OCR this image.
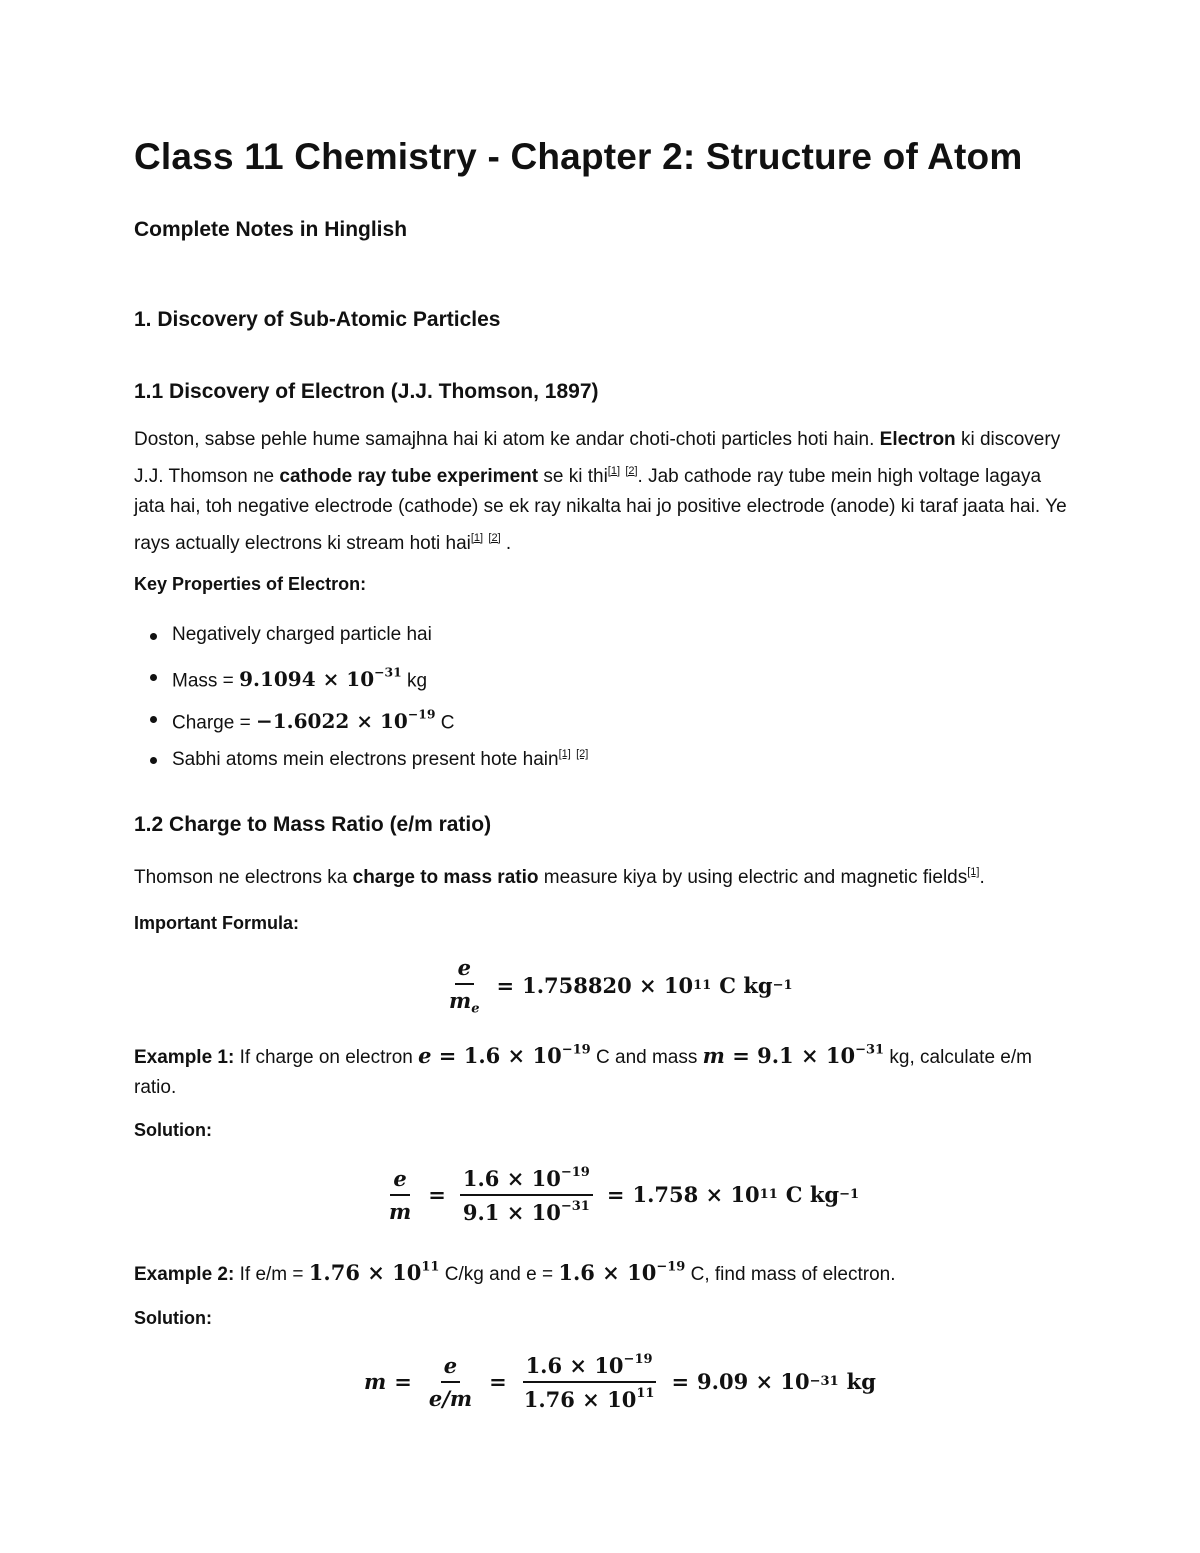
Class 11 Chemistry - Chapter 2: Structure of Atom
Complete Notes in Hinglish
1. Discovery of Sub-Atomic Particles
1.1 Discovery of Electron (J.J. Thomson, 1897)
Doston, sabse pehle hume samajhna hai ki atom ke andar choti-choti particles hoti hain. Electron ki discovery J.J. Thomson ne cathode ray tube experiment se ki thi[1] [2]. Jab cathode ray tube mein high voltage lagaya jata hai, toh negative electrode (cathode) se ek ray nikalta hai jo positive electrode (anode) ki taraf jaata hai. Ye rays actually electrons ki stream hoti hai[1] [2] .
Key Properties of Electron:
Negatively charged particle hai
Mass = $9.1094 \times 10^{-31}$ kg
Charge = $-1.6022 \times 10^{-19}$ C
Sabhi atoms mein electrons present hote hain[1] [2]
1.2 Charge to Mass Ratio (e/m ratio)
Thomson ne electrons ka charge to mass ratio measure kiya by using electric and magnetic fields[1].
Important Formula:
$\frac{e}{m_e} = 1.758820 \times 10$ 11 C kg −1
Example 1: If charge on electron $e = 1.6 \times 10^{-19}$ C and mass $m = 9.1 \times 10^{-31}$ kg, calculate e/m ratio.
Solution:
$\frac{e}{m} = \frac{1.6 \times 10^{-19}}{9.1 \times 10^{-31}} = 1.758 \times 10$ 11 C kg −1
Example 2: If $e/m = 1.76 \times 10^{11}$ C/kg and $e = 1.6 \times 10^{-19}$ C, find mass of electron.
Solution:
$m = \frac{e}{e/m} = \frac{1.6 \times 10^{-19}}{1.76 \times 10^{11}} = 9.09 \times 10 -31$ kg
